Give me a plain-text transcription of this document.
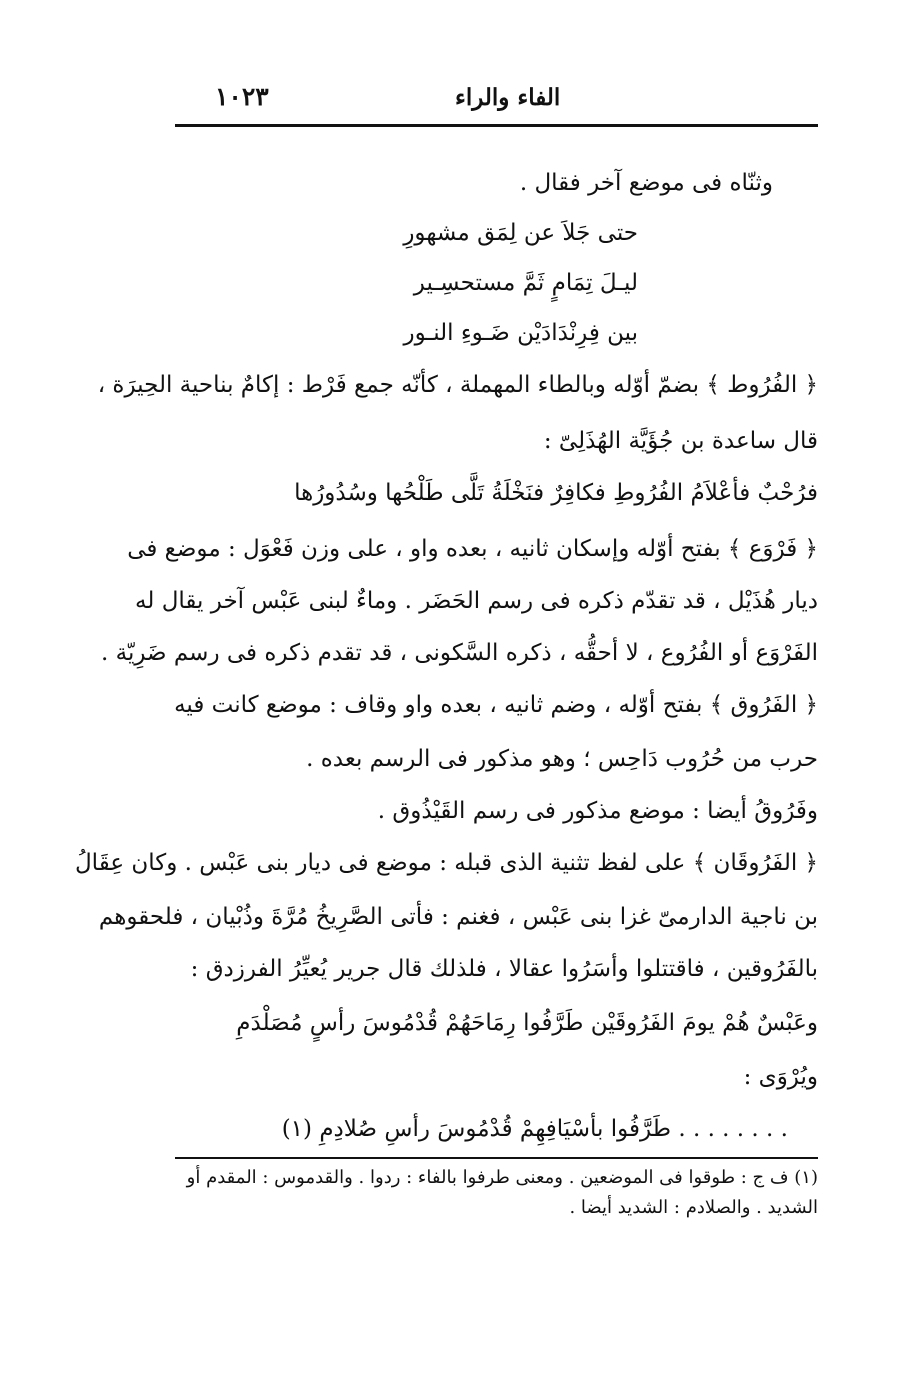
١٠٢٣	الفاء والراء
وثنّاه فى موضع آخر فقال .
حتى جَلاَ عن لِمَق مشهورِ
ليـلَ تِمَامٍ ثَمَّ مستحسِـير
بين فِرِنْدَادَيْن ضَـوءِ النـور
﴿ الفُرُوط ﴾ بضمّ أوّله وبالطاء المهملة ، كأنّه جمع فَرْط : إكامٌ بناحية الحِيرَة ،
قال ساعدة بن جُؤَيَّة الهُذَلِىّ :
فرُحْبٌ فأعْلاَمُ الفُرُوطِ فكافِرٌ فنَخْلَةُ تَلَّى طَلْحُها وسُدُورُها
﴿ فَرْوَع ﴾ بفتح أوّله وإسكان ثانيه ، بعده واو ، على وزن فَعْوَل : موضع فى
ديار هُذَيْل ، قد تقدّم ذكره فى رسم الحَضَر . وماءٌ لبنى عَبْس آخر يقال له
الفَرْوَع أو الفُرُوع ، لا أحقُّه ، ذكره السَّكونى ، قد تقدم ذكره فى رسم ضَرِيّة .
﴿ الفَرُوق ﴾ بفتح أوّله ، وضم ثانيه ، بعده واو وقاف : موضع كانت فيه
حرب من حُرُوب دَاحِس ؛ وهو مذكور فى الرسم بعده .
وفَرُوقُ أيضا : موضع مذكور فى رسم القَيْذُوق .
﴿ الفَرُوقَان ﴾ على لفظ تثنية الذى قبله : موضع فى ديار بنى عَبْس . وكان عِقَالُ
بن ناجية الدارمىّ غزا بنى عَبْس ، فغنم : فأتى الصَّرِيخُ مُرَّةَ وذُبْيان ، فلحقوهم
بالفَرُوقين ، فاقتتلوا وأسَرُوا عقالا ، فلذلك قال جرير يُعيِّرُ الفرزدق :
وعَبْسٌ هُمْ يومَ الفَرُوقَيْن طَرَّفُوا رِمَاحَهُمْ قُدْمُوسَ رأسٍ مُصَلْدَمِ
ويُرْوَى :
. . . . . . . . طَرَّفُوا بأسْيَافِهِمْ قُدْمُوسَ رأسِ صُلادِمِ (١)
(١) ف ج : طوقوا فى الموضعين . ومعنى طرفوا بالفاء : ردوا . والقدموس : المقدم أو
الشديد . والصلادم : الشديد أيضا .
